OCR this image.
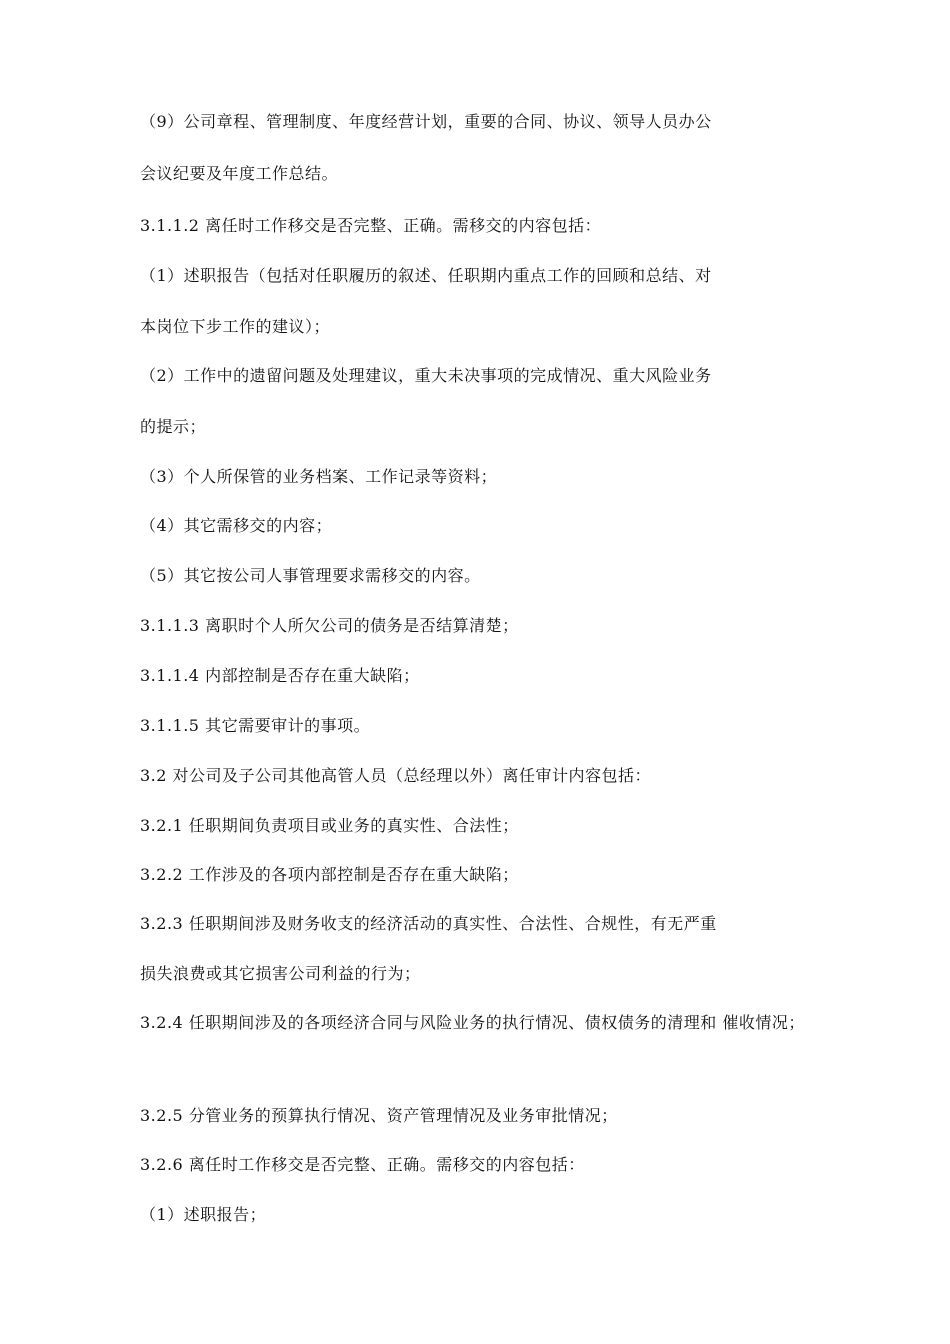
（9）公司章程、管理制度、年度经营计划，重要的合同、协议、领导人员办公
会议纪要及年度工作总结。
3.1.1.2 离任时工作移交是否完整、正确。需移交的内容包括：
（1）述职报告（包括对任职履历的叙述、任职期内重点工作的回顾和总结、对
本岗位下步工作的建议）；
（2）工作中的遗留问题及处理建议，重大未决事项的完成情况、重大风险业务
的提示；
（3）个人所保管的业务档案、工作记录等资料；
（4）其它需移交的内容；
（5）其它按公司人事管理要求需移交的内容。
3.1.1.3 离职时个人所欠公司的债务是否结算清楚；
3.1.1.4 内部控制是否存在重大缺陷；
3.1.1.5 其它需要审计的事项。
3.2 对公司及子公司其他高管人员（总经理以外）离任审计内容包括：
3.2.1 任职期间负责项目或业务的真实性、合法性；
3.2.2 工作涉及的各项内部控制是否存在重大缺陷；
3.2.3 任职期间涉及财务收支的经济活动的真实性、合法性、合规性，有无严重
损失浪费或其它损害公司利益的行为；
3.2.4 任职期间涉及的各项经济合同与风险业务的执行情况、债权债务的清理和 催收情况；
3.2.5 分管业务的预算执行情况、资产管理情况及业务审批情况；
3.2.6 离任时工作移交是否完整、正确。需移交的内容包括：
（1）述职报告；
